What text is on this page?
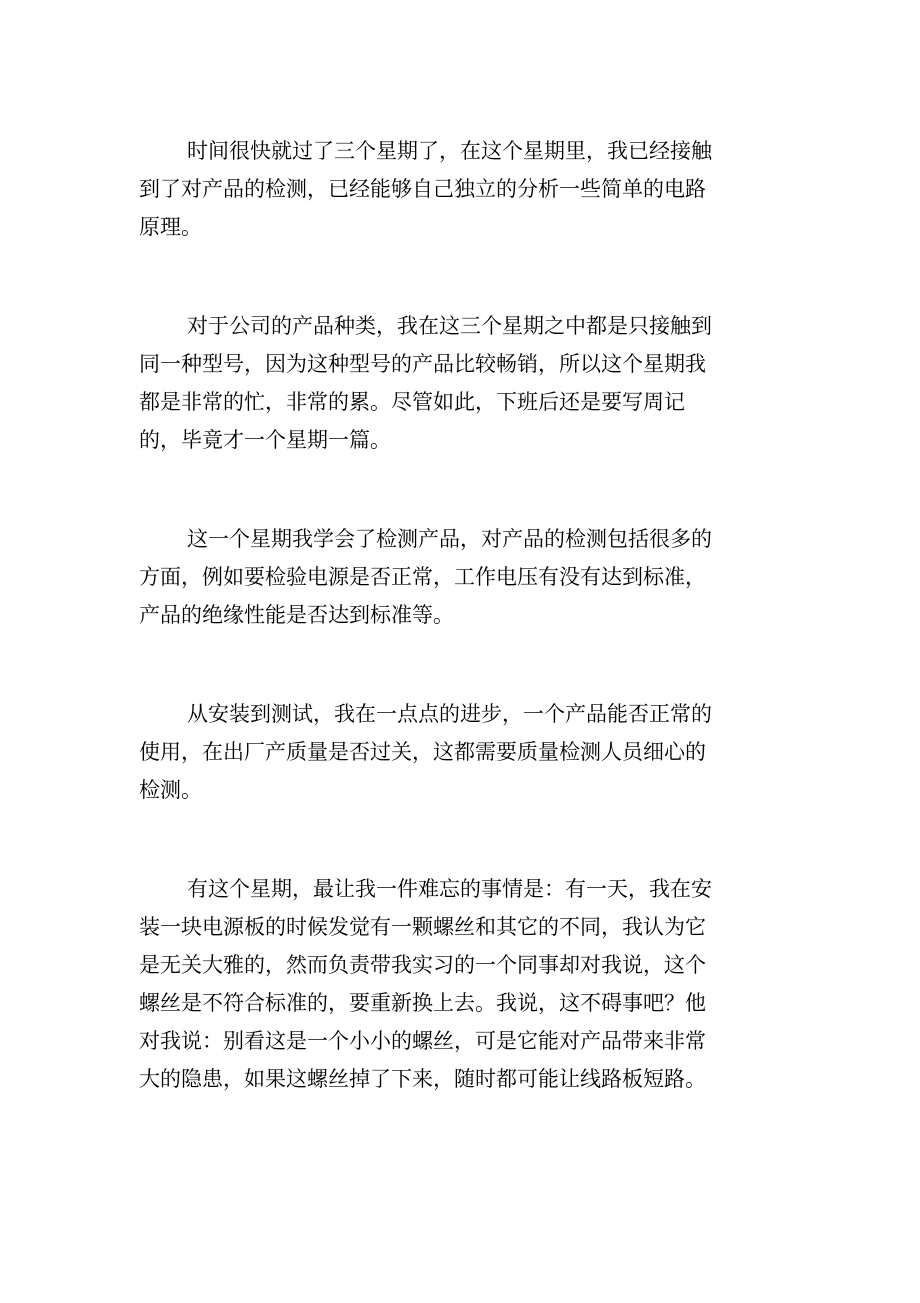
时间很快就过了三个星期了，在这个星期里，我已经接触到了对产品的检测，已经能够自己独立的分析一些简单的电路原理。

对于公司的产品种类，我在这三个星期之中都是只接触到同一种型号，因为这种型号的产品比较畅销，所以这个星期我都是非常的忙，非常的累。尽管如此，下班后还是要写周记的，毕竟才一个星期一篇。

这一个星期我学会了检测产品，对产品的检测包括很多的方面，例如要检验电源是否正常，工作电压有没有达到标准，产品的绝缘性能是否达到标准等。

从安装到测试，我在一点点的进步，一个产品能否正常的使用，在出厂产质量是否过关，这都需要质量检测人员细心的检测。

有这个星期，最让我一件难忘的事情是：有一天，我在安装一块电源板的时候发觉有一颗螺丝和其它的不同，我认为它是无关大雅的，然而负责带我实习的一个同事却对我说，这个螺丝是不符合标准的，要重新换上去。我说，这不碍事吧？他对我说：别看这是一个小小的螺丝，可是它能对产品带来非常大的隐患，如果这螺丝掉了下来，随时都可能让线路板短路。
